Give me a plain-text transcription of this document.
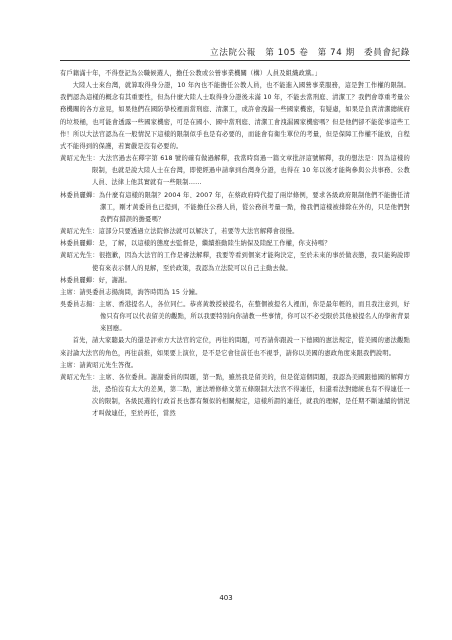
立法院公報　第 105 卷　第 74 期　委員會紀錄

有戶籍滿十年，不得登記為公職候選人，擔任公教或公營事業機關（構）人員及組織政黨。」

大陸人士來台灣，就算取得身分證，10 年內也不能擔任公教人員，也不能進入國營事業服務，這是對工作權的限制。我們認為這樣的概念有其重要性，但為什麼大陸人士取得身分證後未滿 10 年，不能去當刑庭、清潔工？我們會尊重考量公務機關的各方意見，如果他們在國防學校裡面當刑庭、清潔工，或許會洩漏一些國家機密，有疑慮，如果是負責清潔總統府的垃圾桶，也可能會透露一些國家機密，可是在國小、國中當刑庭、清潔工會洩漏國家機密嗎？但是他們卻不能從事這些工作！所以大法官認為在一般情況下這樣的限制似乎也是有必要的，而能會有衛生單位的考量，但是保障工作權不能放，自程式不能得到的保護，若實嚴是沒有必要的。

黃昭元先生：大法官過去在釋字第 618 號的確有做過解釋，我當時寫過一篇文章批評這號解釋，我的想法是：因為這樣的限制，也就是說大陸人士在台灣，即使經過申請拿到台灣身分證，也得在 10 年以後才能夠參與公共事務、公教人員、法律上他其實就有一些限制……

林委員麗蟬：為什麼有這樣的限制？2004 年、2007 年，在蔡政府時代提了兩岸條例，要求各級政府限制他們不能擔任清潔工，剛才黃委員也已提到，不能擔任公務人員，從公務員考量一點，像我們這樣被排除在外的，只是他們對我們有錯誤的擔憂嗎？

黃昭元先生：這部分只要透過立法院修法就可以解決了，若要等大法官解釋會很慢。

林委員麗蟬：是，了解，以這樣的態度去監督是，繼續推動陸生納保及陸配工作權，你支持嗎？

黃昭元先生：很抱歉，因為大法官的工作是審法解釋，我要等看到個案才能夠決定，至於未來的事於做表態，我只能夠說即使有來表示個人的見解，至於政策，我認為立法院可以自己主動去做。

林委員麗蟬：好，謝謝。

主席：請吳委員志揚詢問，詢答時間為 15 分鐘。

吳委員志揚：主席、香港提名人，各位同仁。恭喜黃教授被提名，在整個被提名人裡面，你是最年輕的，而且我注意到，好像只有你可以代表留美的觀點，所以我要特別向你請教一些事情，你可以不必受限於其他被提名人的學術背景來回應。

首先，請大家聽最大的還是評索方大法官的定位，再往的問題，可否請你跟說一下德國的憲法規定，從美國的憲法觀點來討論大法官的角色，再往前推，如果要上演位，是不是它會往前任也不視爭，請你以美國的憲政角度來跟我們說明。

主席：請黃昭元先生答復。

黃昭元先生：主席、各位委員。謝謝委員的問題，第一點，雖然我是留美的，但是從這個問題，我認為美國跟德國的解釋方法，恐怕沒有太大的差異，第二點，憲法增修條文第五條限制大法官不得連任，但還看法對總統也有不得連任一次的限制，各級民選的行政首長也都有類似的相關規定，這樣所謂的連任，就我的理解，是任期不斷連續的情況才叫做連任，至於再任，當然

403
